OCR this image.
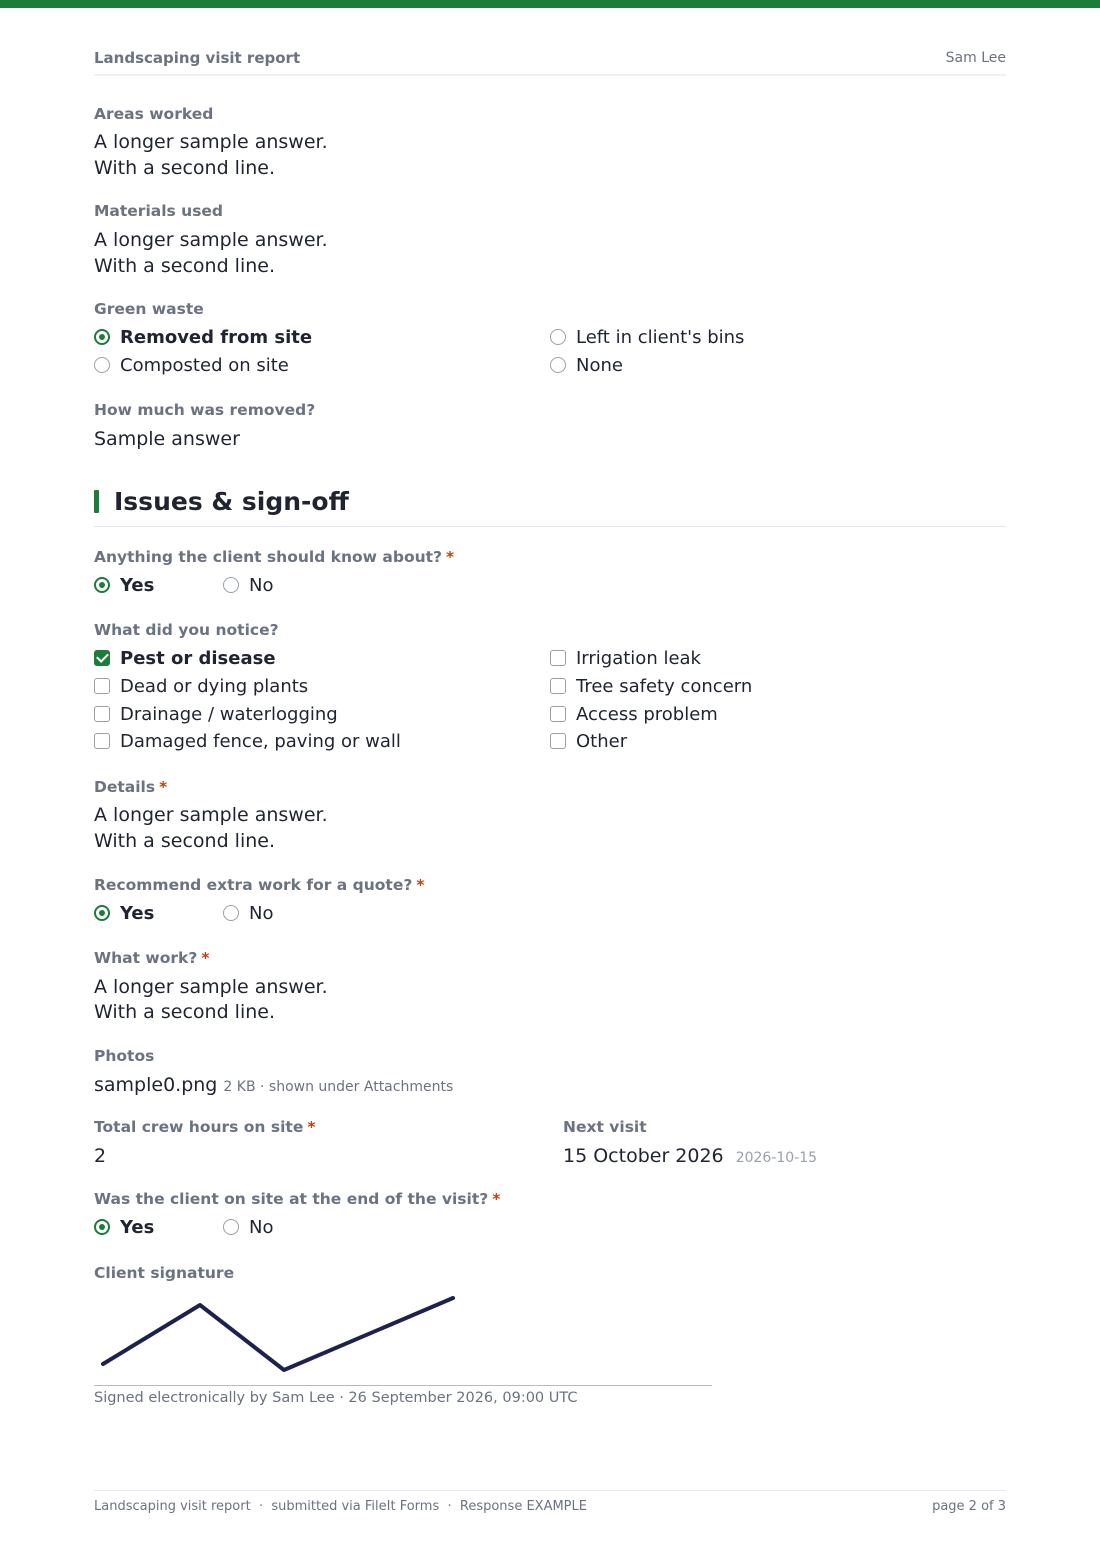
Landscaping visit report	Sam Lee
Areas worked
A longer sample answer.
With a second line.
Materials used
A longer sample answer.
With a second line.
Green waste
Removed from site	Left in client's bins
Composted on site	None
How much was removed?
Sample answer
Issues & sign-off
Anything the client should know about? *
Yes	No
What did you notice?
Pest or disease	Irrigation leak
Dead or dying plants	Tree safety concern
Drainage / waterlogging	Access problem
Damaged fence, paving or wall	Other
Details *
A longer sample answer.
With a second line.
Recommend extra work for a quote? *
Yes	No
What work? *
A longer sample answer.
With a second line.
Photos
sample0.png 2 KB · shown under Attachments
Total crew hours on site *
2
Next visit
15 October 2026 2026-10-15
Was the client on site at the end of the visit? *
Yes	No
Client signature
Signed electronically by Sam Lee · 26 September 2026, 09:00 UTC
Landscaping visit report  ·  submitted via FileIt Forms  ·  Response EXAMPLE	page 2 of 3
